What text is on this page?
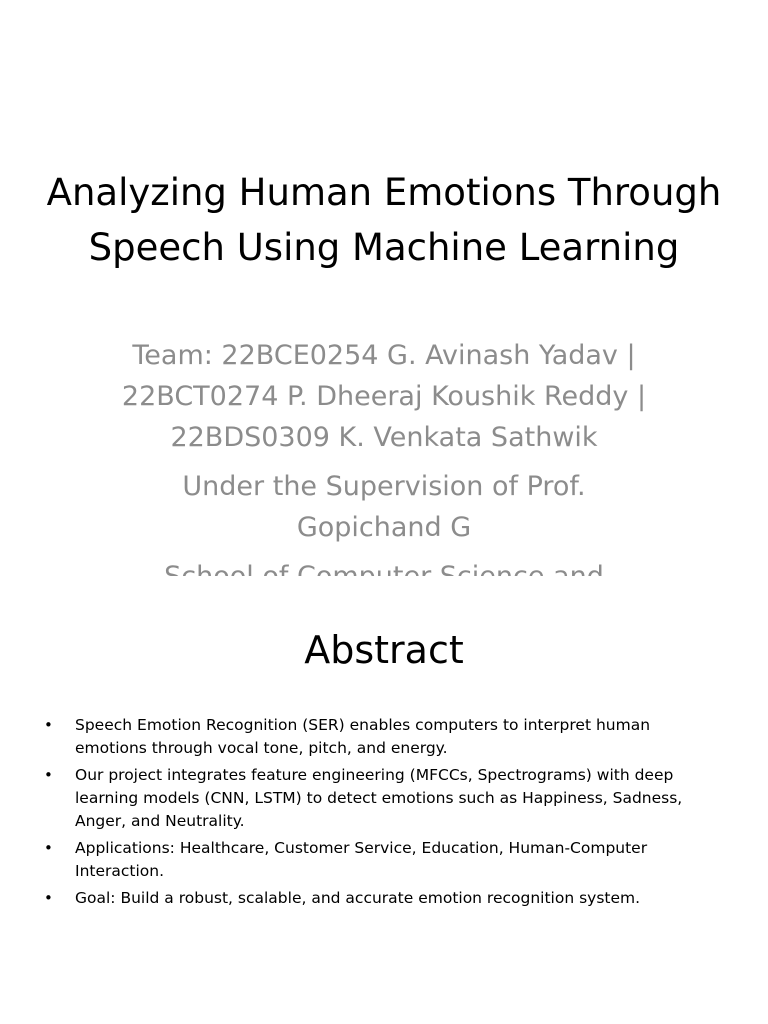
Analyzing Human Emotions Through Speech Using Machine Learning

Team: 22BCE0254 G. Avinash Yadav | 22BCT0274 P. Dheeraj Koushik Reddy | 22BDS0309 K. Venkata Sathwik

Under the Supervision of Prof. Gopichand G

Abstract
• Speech Emotion Recognition (SER) enables computers to interpret human emotions through vocal tone, pitch, and energy.
• Our project integrates feature engineering (MFCCs, Spectrograms) with deep learning models (CNN, LSTM) to detect emotions such as Happiness, Sadness, Anger, and Neutrality.
• Applications: Healthcare, Customer Service, Education, Human-Computer Interaction.
• Goal: Build a robust, scalable, and accurate emotion recognition system.
